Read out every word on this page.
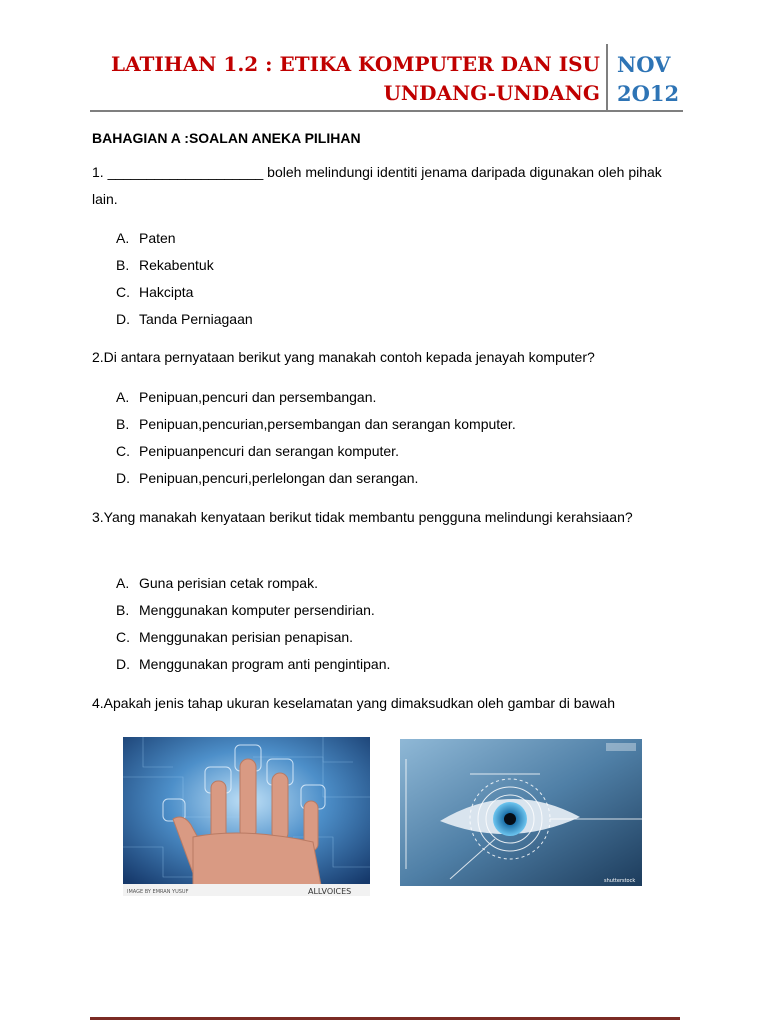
LATIHAN 1.2 : ETIKA KOMPUTER DAN ISU
UNDANG-UNDANG
NOV
2O12
BAHAGIAN A :SOALAN ANEKA PILIHAN
1. ____________________ boleh melindungi identiti jenama daripada digunakan oleh pihak lain.
A. Paten
B. Rekabentuk
C. Hakcipta
D. Tanda Perniagaan
2.Di antara pernyataan berikut yang manakah contoh kepada jenayah komputer?
A. Penipuan,pencuri dan persembangan.
B. Penipuan,pencurian,persembangan dan serangan komputer.
C. Penipuanpencuri dan serangan komputer.
D. Penipuan,pencuri,perlelongan dan serangan.
3.Yang manakah kenyataan berikut tidak membantu pengguna melindungi kerahsiaan?
A. Guna perisian cetak rompak.
B. Menggunakan komputer persendirian.
C. Menggunakan perisian penapisan.
D. Menggunakan program anti pengintipan.
4.Apakah jenis tahap ukuran keselamatan yang dimaksudkan oleh gambar di bawah
IMAGE BY EMRAN YUSUF	ALLVOICES
shutterstock
